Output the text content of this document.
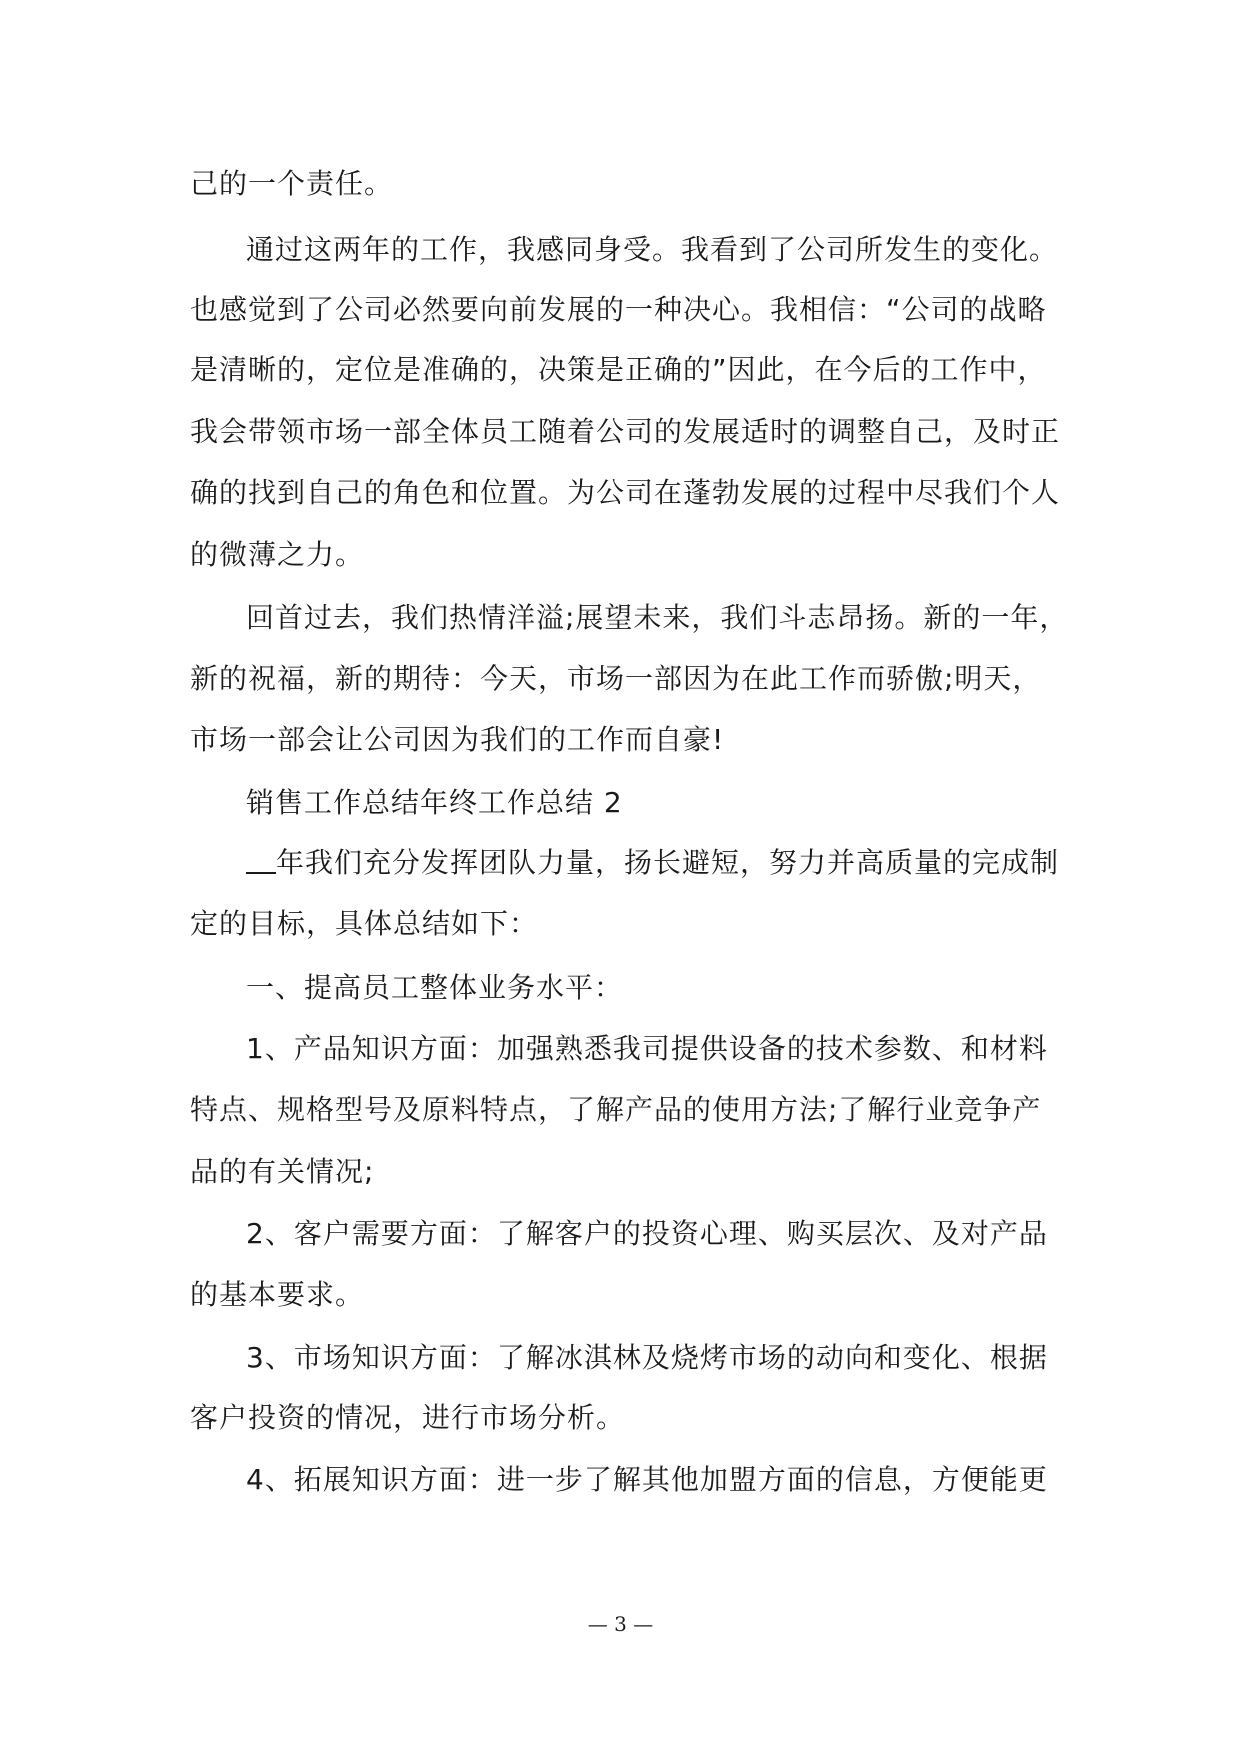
己的一个责任。
通过这两年的工作，我感同身受。我看到了公司所发生的变化。
也感觉到了公司必然要向前发展的一种决心。我相信：“公司的战略
是清晰的，定位是准确的，决策是正确的”因此，在今后的工作中，
我会带领市场一部全体员工随着公司的发展适时的调整自己，及时正
确的找到自己的角色和位置。为公司在蓬勃发展的过程中尽我们个人
的微薄之力。
回首过去，我们热情洋溢;展望未来，我们斗志昂扬。新的一年，
新的祝福，新的期待：今天，市场一部因为在此工作而骄傲;明天，
市场一部会让公司因为我们的工作而自豪!
销售工作总结年终工作总结 2
年我们充分发挥团队力量，扬长避短，努力并高质量的完成制
定的目标，具体总结如下：
一、提高员工整体业务水平：
1、产品知识方面：加强熟悉我司提供设备的技术参数、和材料
特点、规格型号及原料特点，了解产品的使用方法;了解行业竞争产
品的有关情况;
2、客户需要方面：了解客户的投资心理、购买层次、及对产品
的基本要求。
3、市场知识方面：了解冰淇林及烧烤市场的动向和变化、根据
客户投资的情况，进行市场分析。
4、拓展知识方面：进一步了解其他加盟方面的信息，方便能更
— 3 —
